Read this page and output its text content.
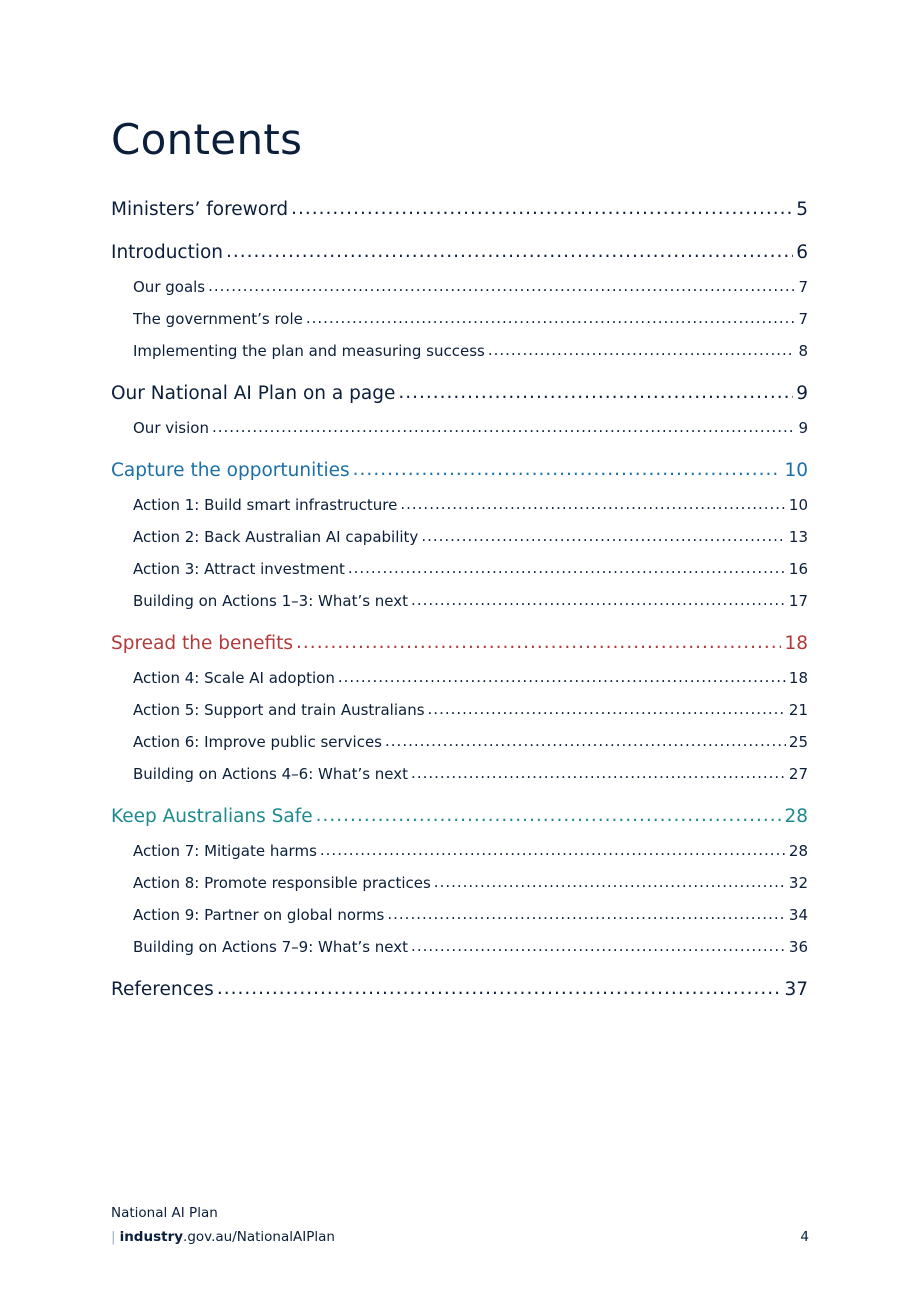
Contents
Ministers’ foreword .....	5
Introduction .....	6
Our goals .....	7
The government’s role .....	7
Implementing the plan and measuring success .....	8
Our National AI Plan on a page .....	9
Our vision .....	9
Capture the opportunities .....	10
Action 1: Build smart infrastructure .....	10
Action 2: Back Australian AI capability .....	13
Action 3: Attract investment .....	16
Building on Actions 1–3: What’s next .....	17
Spread the benefits .....	18
Action 4: Scale AI adoption .....	18
Action 5: Support and train Australians .....	21
Action 6: Improve public services .....	25
Building on Actions 4–6: What’s next .....	27
Keep Australians Safe .....	28
Action 7: Mitigate harms .....	28
Action 8: Promote responsible practices .....	32
Action 9: Partner on global norms .....	34
Building on Actions 7–9: What’s next .....	36
References .....	37
National AI Plan
| industry.gov.au/NationalAIPlan	4
